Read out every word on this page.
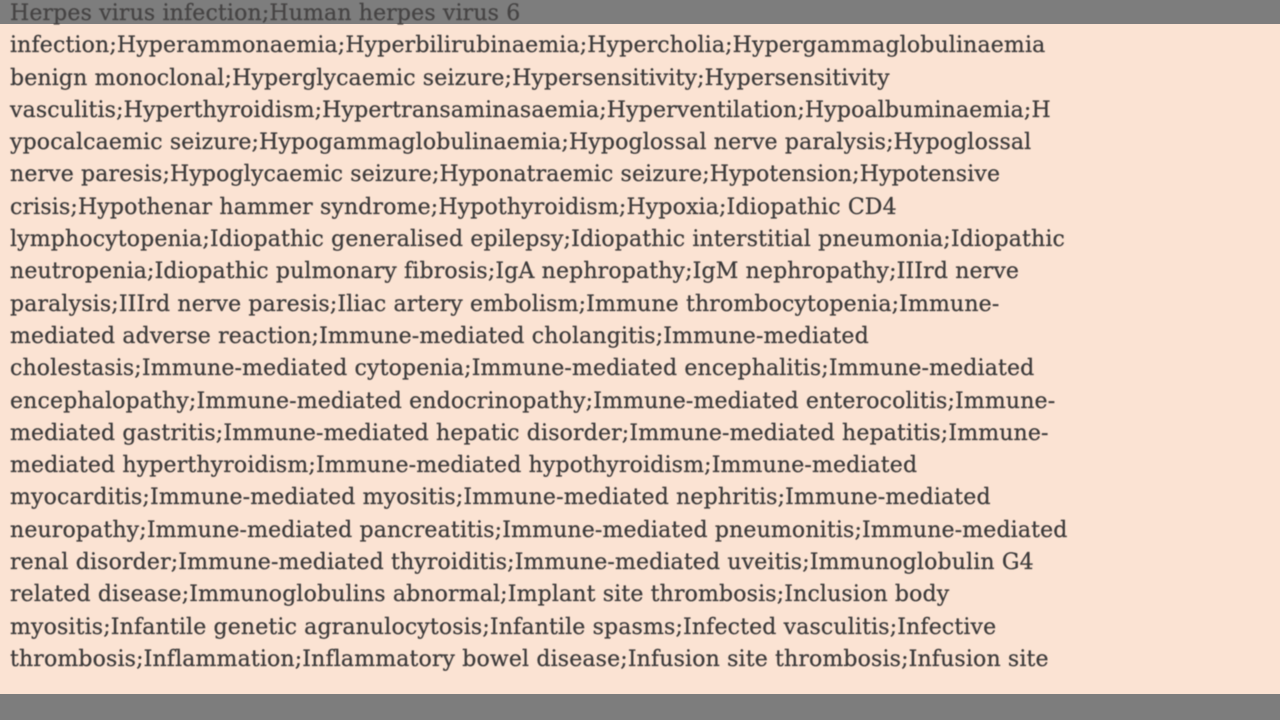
Herpes virus infection;Human herpes virus 6
infection;Hyperammonaemia;Hyperbilirubinaemia;Hypercholia;Hypergammaglobulinaemia
benign monoclonal;Hyperglycaemic seizure;Hypersensitivity;Hypersensitivity
vasculitis;Hyperthyroidism;Hypertransaminasaemia;Hyperventilation;Hypoalbuminaemia;H
ypocalcaemic seizure;Hypogammaglobulinaemia;Hypoglossal nerve paralysis;Hypoglossal
nerve paresis;Hypoglycaemic seizure;Hyponatraemic seizure;Hypotension;Hypotensive
crisis;Hypothenar hammer syndrome;Hypothyroidism;Hypoxia;Idiopathic CD4
lymphocytopenia;Idiopathic generalised epilepsy;Idiopathic interstitial pneumonia;Idiopathic
neutropenia;Idiopathic pulmonary fibrosis;IgA nephropathy;IgM nephropathy;IIIrd nerve
paralysis;IIIrd nerve paresis;Iliac artery embolism;Immune thrombocytopenia;Immune-
mediated adverse reaction;Immune-mediated cholangitis;Immune-mediated
cholestasis;Immune-mediated cytopenia;Immune-mediated encephalitis;Immune-mediated
encephalopathy;Immune-mediated endocrinopathy;Immune-mediated enterocolitis;Immune-
mediated gastritis;Immune-mediated hepatic disorder;Immune-mediated hepatitis;Immune-
mediated hyperthyroidism;Immune-mediated hypothyroidism;Immune-mediated
myocarditis;Immune-mediated myositis;Immune-mediated nephritis;Immune-mediated
neuropathy;Immune-mediated pancreatitis;Immune-mediated pneumonitis;Immune-mediated
renal disorder;Immune-mediated thyroiditis;Immune-mediated uveitis;Immunoglobulin G4
related disease;Immunoglobulins abnormal;Implant site thrombosis;Inclusion body
myositis;Infantile genetic agranulocytosis;Infantile spasms;Infected vasculitis;Infective
thrombosis;Inflammation;Inflammatory bowel disease;Infusion site thrombosis;Infusion site
